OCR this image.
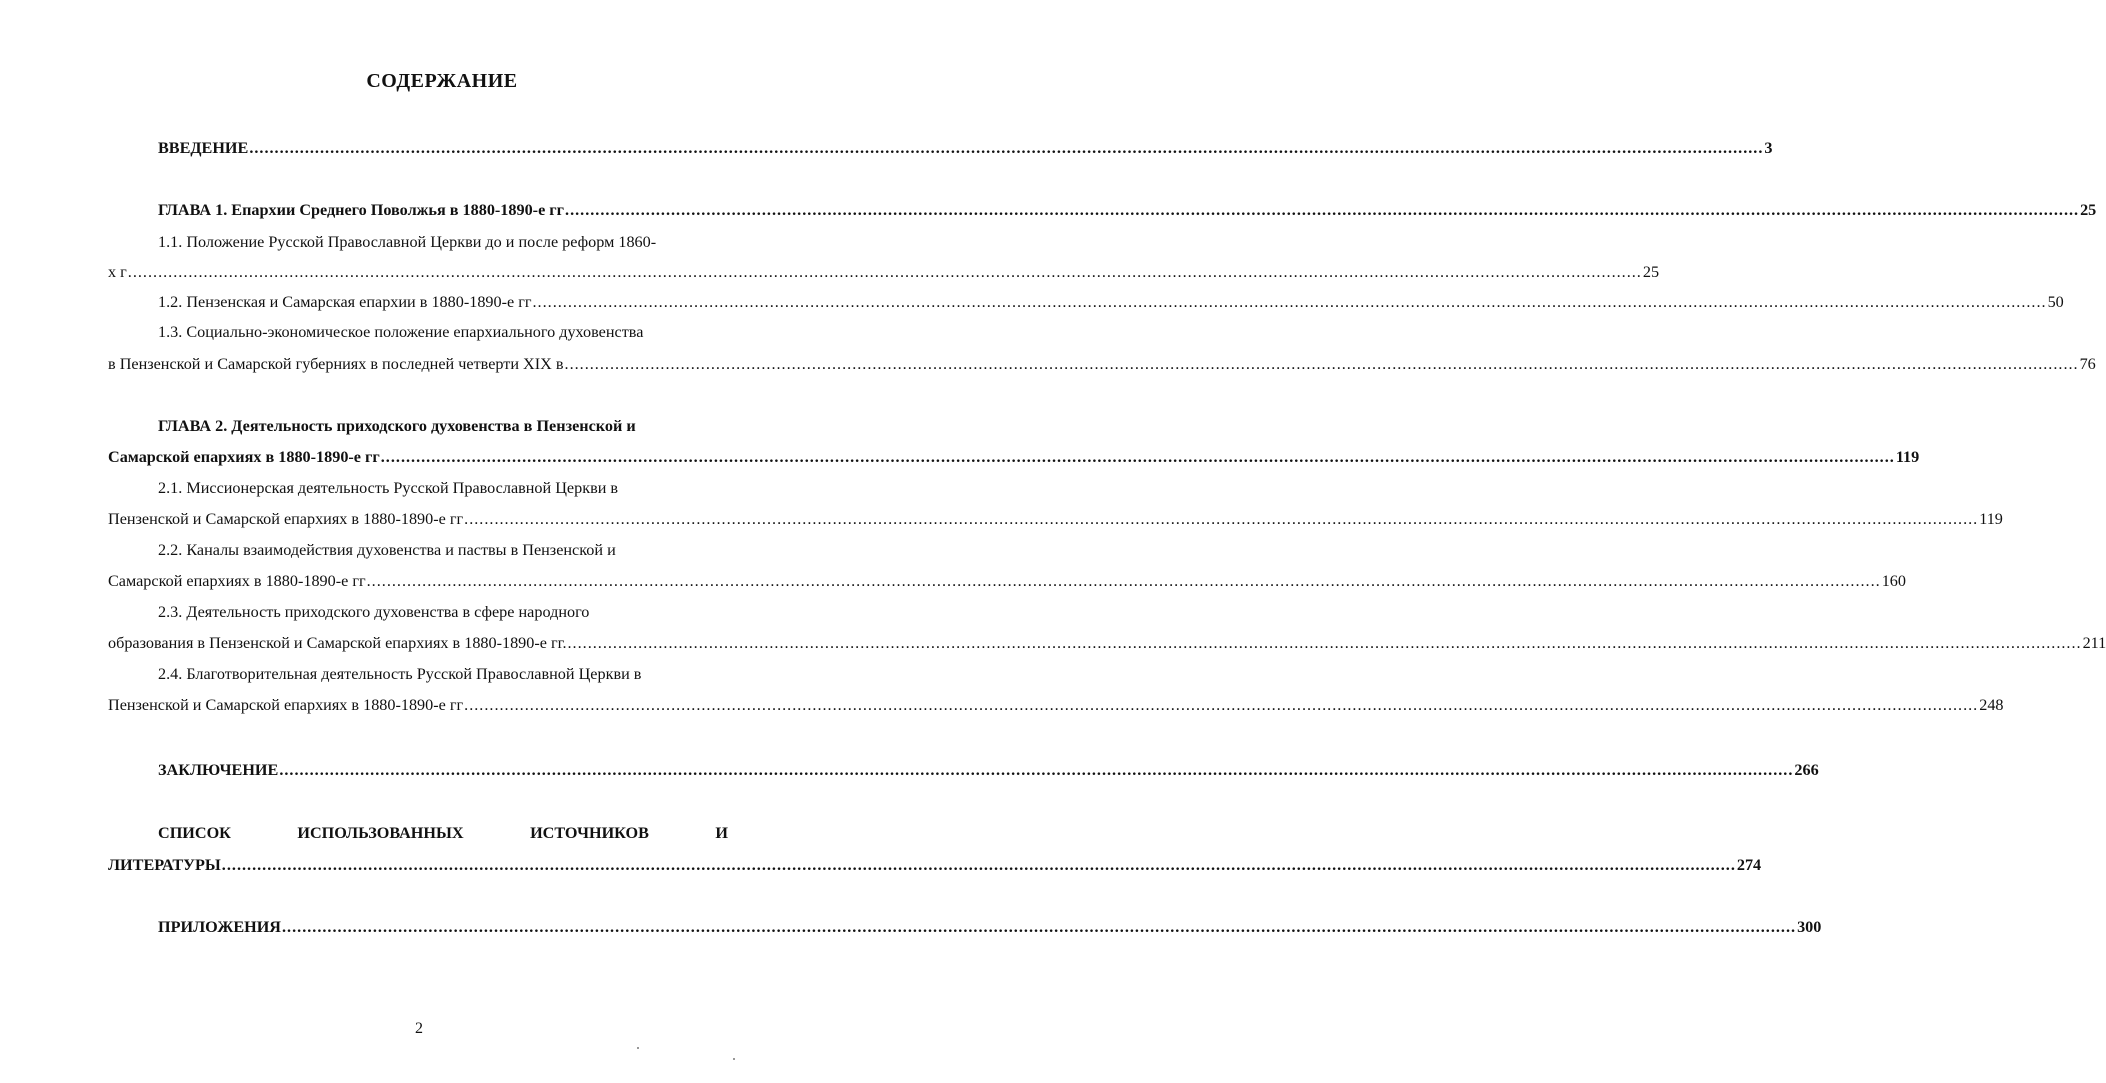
СОДЕРЖАНИЕ
ВВЕДЕНИЕ ............................................................................................................................................................................................................................................................................................................ 3
ГЛАВА 1. Епархии Среднего Поволжья в 1880-1890-е гг ............................................................................................................................................................................................................................................................................................................ 25
1.1. Положение Русской Православной Церкви до и после реформ 1860-
х г ............................................................................................................................................................................................................................................................................................................ 25
1.2. Пензенская и Самарская епархии в 1880-1890-е гг ............................................................................................................................................................................................................................................................................................................ 50
1.3. Социально-экономическое положение епархиального духовенства
в Пензенской и Самарской губерниях в последней четверти XIX в ............................................................................................................................................................................................................................................................................................................ 76
ГЛАВА 2. Деятельность приходского духовенства в Пензенской и
Самарской епархиях в 1880-1890-е гг ............................................................................................................................................................................................................................................................................................................ 119
2.1. Миссионерская деятельность Русской Православной Церкви в
Пензенской и Самарской епархиях в 1880-1890-е гг ............................................................................................................................................................................................................................................................................................................ 119
2.2. Каналы взаимодействия духовенства и паствы в Пензенской и
Самарской епархиях в 1880-1890-е гг ............................................................................................................................................................................................................................................................................................................ 160
2.3. Деятельность приходского духовенства в сфере народного
образования в Пензенской и Самарской епархиях в 1880-1890-е гг. ............................................................................................................................................................................................................................................................................................................ 211
2.4. Благотворительная деятельность Русской Православной Церкви в
Пензенской и Самарской епархиях в 1880-1890-е гг ............................................................................................................................................................................................................................................................................................................ 248
ЗАКЛЮЧЕНИЕ ............................................................................................................................................................................................................................................................................................................ 266
СПИСОК	ИСПОЛЬЗОВАННЫХ	ИСТОЧНИКОВ	И
ЛИТЕРАТУРЫ ............................................................................................................................................................................................................................................................................................................ 274
ПРИЛОЖЕНИЯ ............................................................................................................................................................................................................................................................................................................ 300
2
